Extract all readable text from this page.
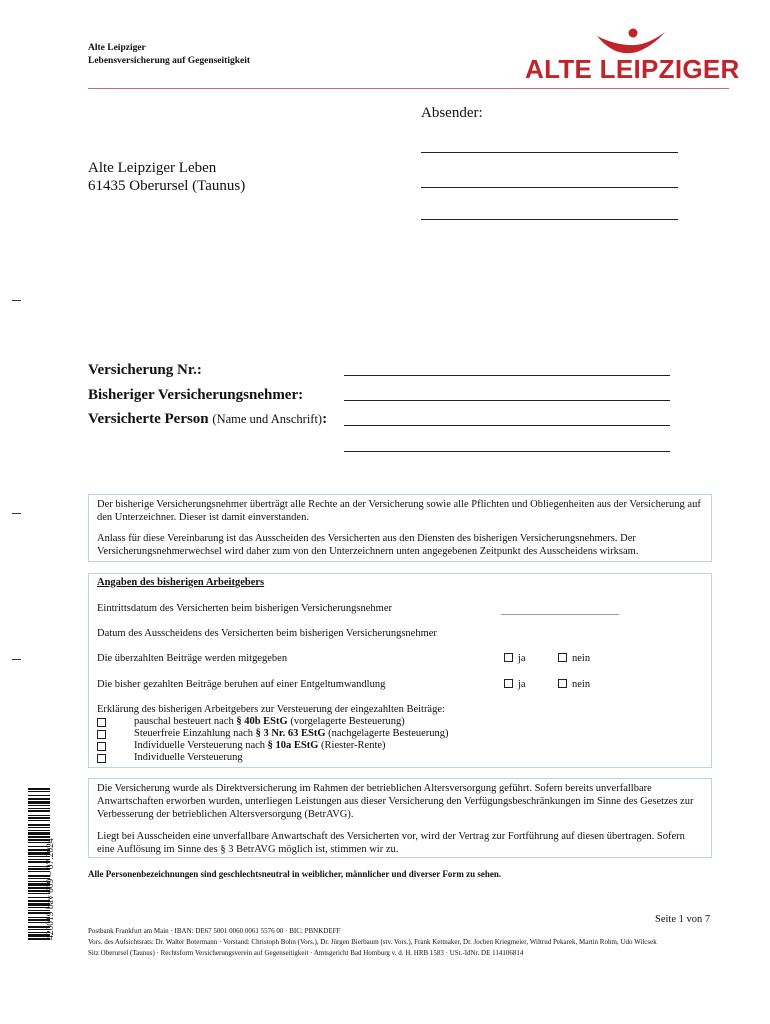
Alte Leipziger
Lebensversicherung auf Gegenseitigkeit	ALTE LEIPZIGER
Absender:
Alte Leipziger Leben
61435 Oberursel (Taunus)
Versicherung Nr.:
Bisheriger Versicherungsnehmer:
Versicherte Person (Name und Anschrift):

Der bisherige Versicherungsnehmer überträgt alle Rechte an der Versicherung sowie alle Pflichten und Obliegenheiten aus der Versicherung auf den Unterzeichner. Dieser ist damit einverstanden.

Anlass für diese Vereinbarung ist das Ausscheiden des Versicherten aus den Diensten des bisherigen Versicherungsnehmers. Der Versicherungsnehmerwechsel wird daher zum von den Unterzeichnern unten angegebenen Zeitpunkt des Ausscheidens wirksam.

Angaben des bisherigen Arbeitgebers
Eintrittsdatum des Versicherten beim bisherigen Versicherungsnehmer
Datum des Ausscheidens des Versicherten beim bisherigen Versicherungsnehmer
Die überzahlten Beiträge werden mitgegeben	ja	nein
Die bisher gezahlten Beiträge beruhen auf einer Entgeltumwandlung	ja	nein
Erklärung des bisherigen Arbeitgebers zur Versteuerung der eingezahlten Beiträge:
pauschal besteuert nach § 40b EStG (vorgelagerte Besteuerung)
Steuerfreie Einzahlung nach § 3 Nr. 63 EStG (nachgelagerte Besteuerung)
Individuelle Versteuerung nach § 10a EStG (Riester-Rente)
Individuelle Versteuerung

Die Versicherung wurde als Direktversicherung im Rahmen der betrieblichen Altersversorgung geführt. Sofern bereits unverfallbare Anwartschaften erworben wurden, unterliegen Leistungen aus dieser Versicherung den Verfügungsbeschränkungen im Sinne des Gesetzes zur Verbesserung der betrieblichen Altersversorgung (BetrAVG).

Liegt bei Ausscheiden eine unverfallbare Anwartschaft des Versicherten vor, wird der Vertrag zur Fortführung auf diesen übertragen. Sofern eine Auflösung im Sinne des § 3 BetrAVG möglich ist, stimmen wir zu.

Alle Personenbezeichnungen sind geschlechtsneutral in weiblicher, männlicher und diverser Form zu sehen.
Seite 1 von 7
Postbank Frankfurt am Main · IBAN: DE67 5001 0060 0061 5576 00 · BIC: PBNKDEFF
Vors. des Aufsichtsrats: Dr. Walter Botermann · Vorstand: Christoph Bohn (Vors.), Dr. Jürgen Bierbaum (stv. Vors.), Frank Kettnaker, Dr. Jochen Kriegmeier, Wiltrud Pekarek, Martin Rohm, Udo Wilcsek
Sitz Oberursel (Taunus) · Rechtsform Versicherungsverein auf Gegenseitigkeit · Amtsgericht Bad Homburg v. d. H. HRB 1583 · USt.-IdNr. DE 114106814
420019 bav 609 – 07.2024
